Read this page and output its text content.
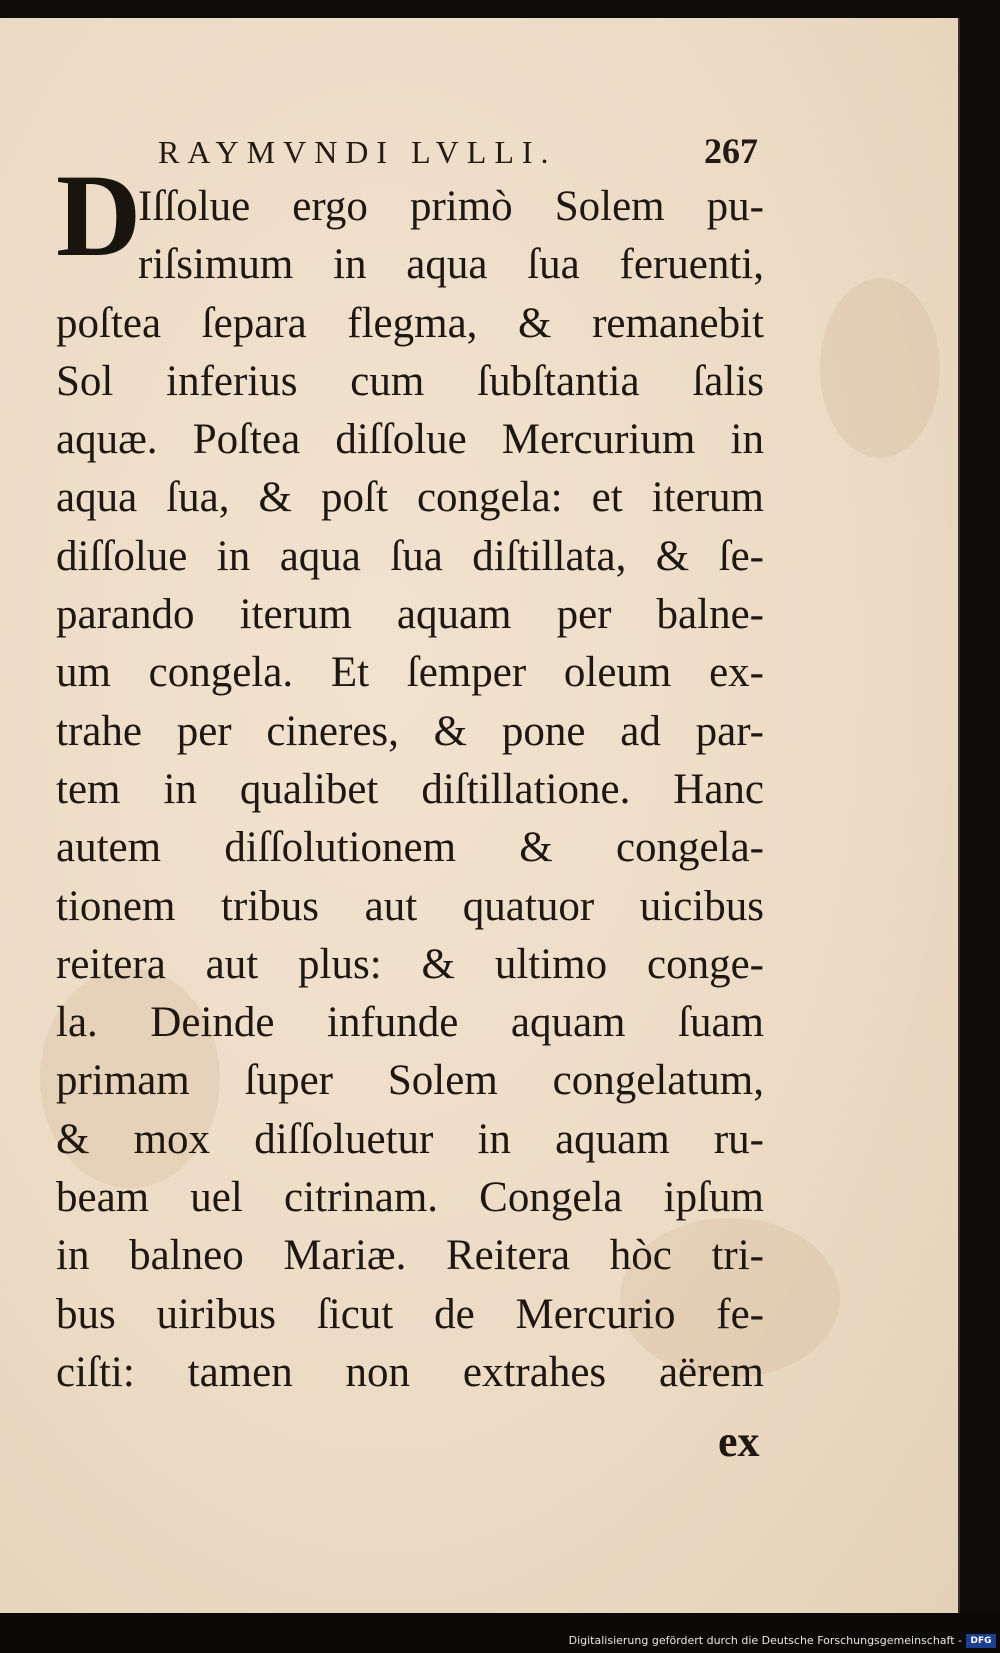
RAYMVNDI LVLLI.	267
D
Iſſolue ergo primò Solem pu-
riſsimum in aqua ſua feruenti,
poſtea ſepara flegma, & remanebit
Sol inferius cum ſubſtantia ſalis
aquæ. Poſtea diſſolue Mercurium in
aqua ſua, & poſt congela: et iterum
diſſolue in aqua ſua diſtillata, & ſe-
parando iterum aquam per balne-
um congela. Et ſemper oleum ex-
trahe per cineres, & pone ad par-
tem in qualibet diſtillatione. Hanc
autem diſſolutionem & congela-
tionem tribus aut quatuor uicibus
reitera aut plus: & ultimo conge-
la. Deinde infunde aquam ſuam
primam ſuper Solem congelatum,
& mox diſſoluetur in aquam ru-
beam uel citrinam. Congela ipſum
in balneo Mariæ. Reitera hòc tri-
bus uiribus ſicut de Mercurio fe-
ciſti: tamen non extrahes aërem
ex
Digitalisierung gefördert durch die Deutsche Forschungsgemeinschaft - DFG
